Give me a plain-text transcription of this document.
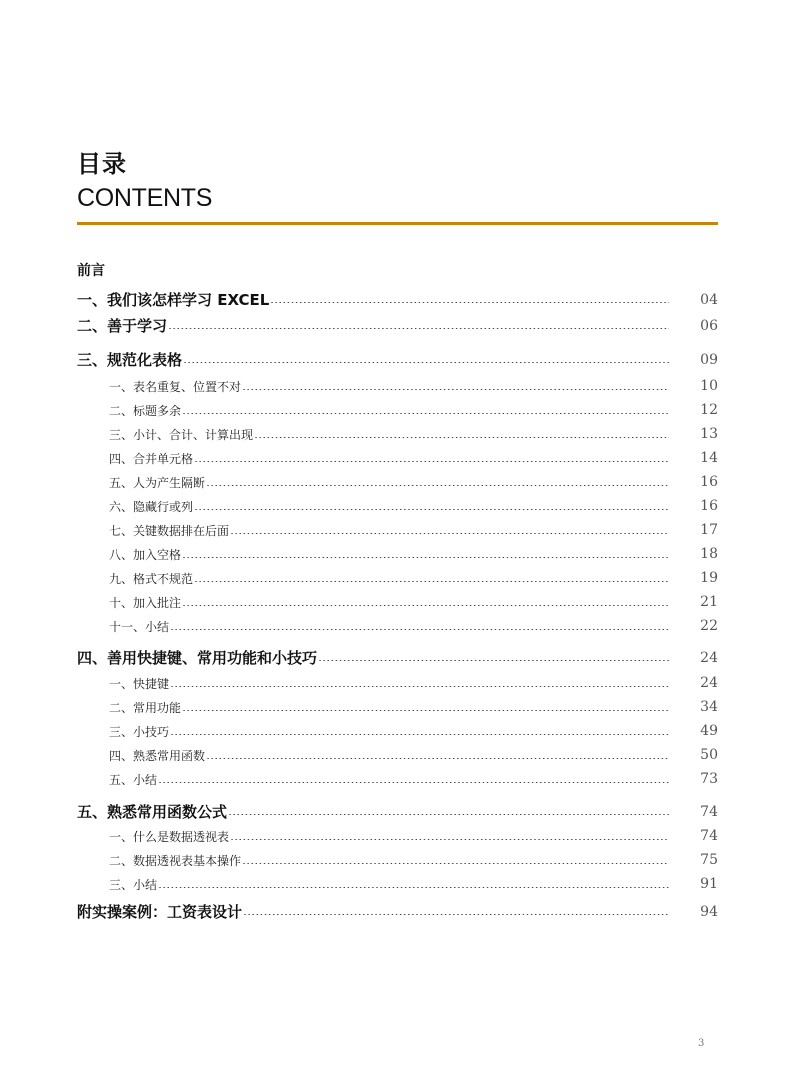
目录
CONTENTS
前言
一、我们该怎样学习 EXCEL	04
二、善于学习	06
三、规范化表格	09
一、表名重复、位置不对	10
二、标题多余	12
三、小计、合计、计算出现	13
四、合并单元格	14
五、人为产生隔断	16
六、隐藏行或列	16
七、关键数据排在后面	17
八、加入空格	18
九、格式不规范	19
十、加入批注	21
十一、小结	22
四、善用快捷键、常用功能和小技巧	24
一、快捷键	24
二、常用功能	34
三、小技巧	49
四、熟悉常用函数	50
五、小结	73
五、熟悉常用函数公式	74
一、什么是数据透视表	74
二、数据透视表基本操作	75
三、小结	91
附实操案例：工资表设计	94
3
